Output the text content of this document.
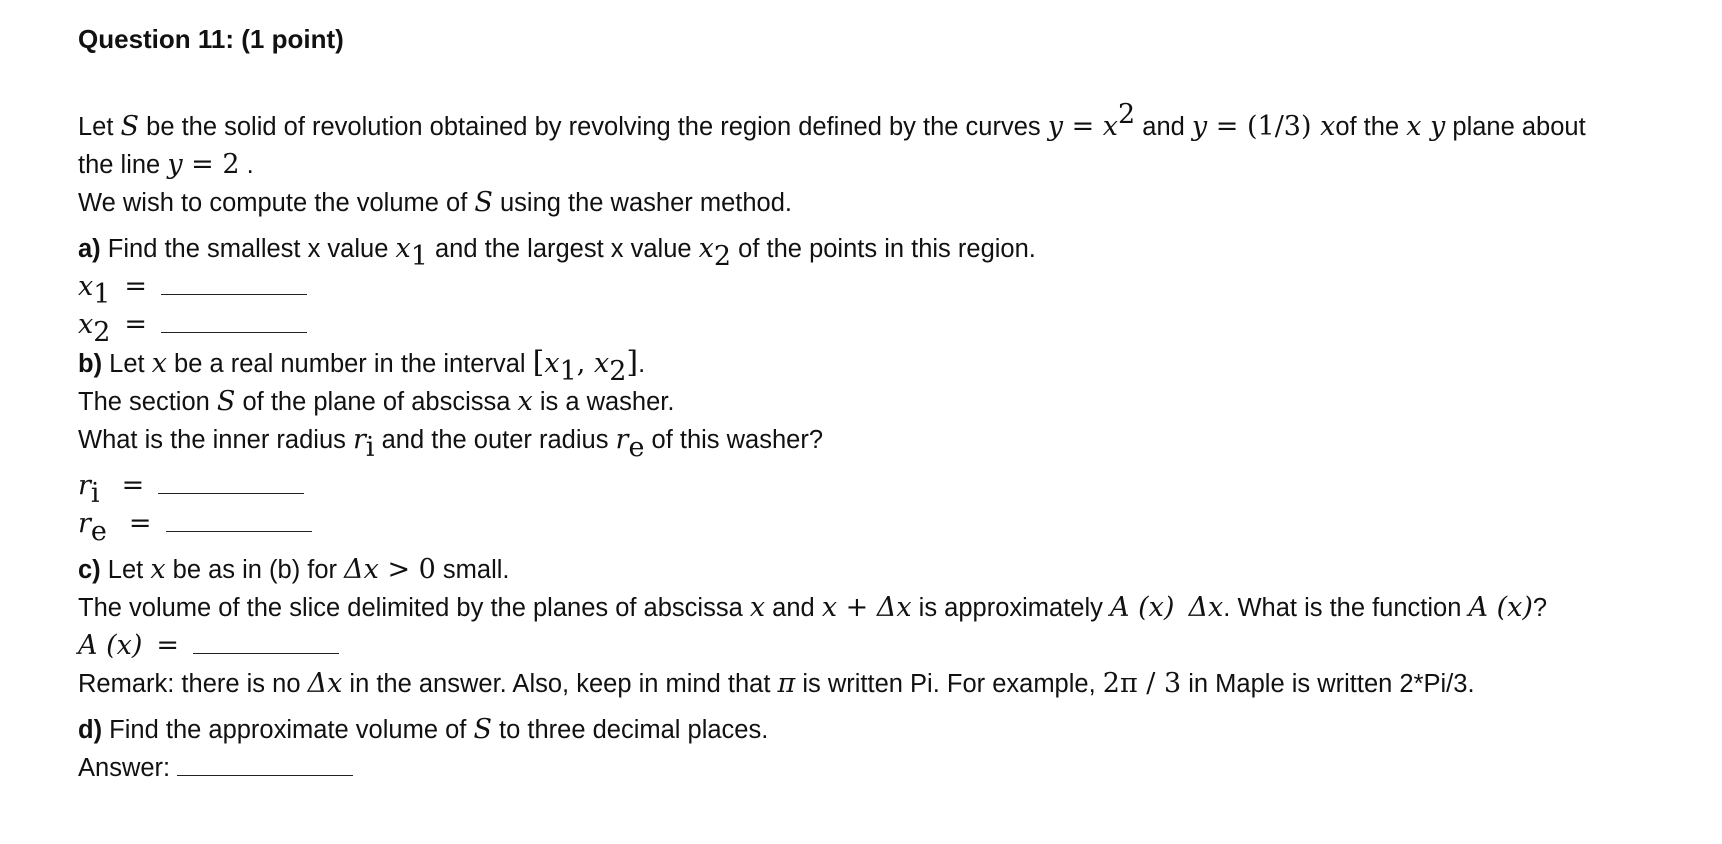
Question 11: (1 point)

Let S be the solid of revolution obtained by revolving the region defined by the curves y = x2 and y = (1/3) xof the x y plane about

the line y = 2 .

We wish to compute the volume of S using the washer method.

a) Find the smallest x value x1 and the largest x value x2 of the points in this region.

x1 =
x2 =

b) Let x be a real number in the interval [x1, x2].

The section S of the plane of abscissa x is a washer.

What is the inner radius ri and the outer radius re of this washer?

ri =
re =

c) Let x be as in (b) for Δx > 0 small.

The volume of the slice delimited by the planes of abscissa x and x + Δx is approximately A (x) Δx. What is the function A (x)?

A (x) =

Remark: there is no Δx in the answer. Also, keep in mind that π is written Pi. For example, 2π / 3 in Maple is written 2*Pi/3.

d) Find the approximate volume of S to three decimal places.

Answer:
